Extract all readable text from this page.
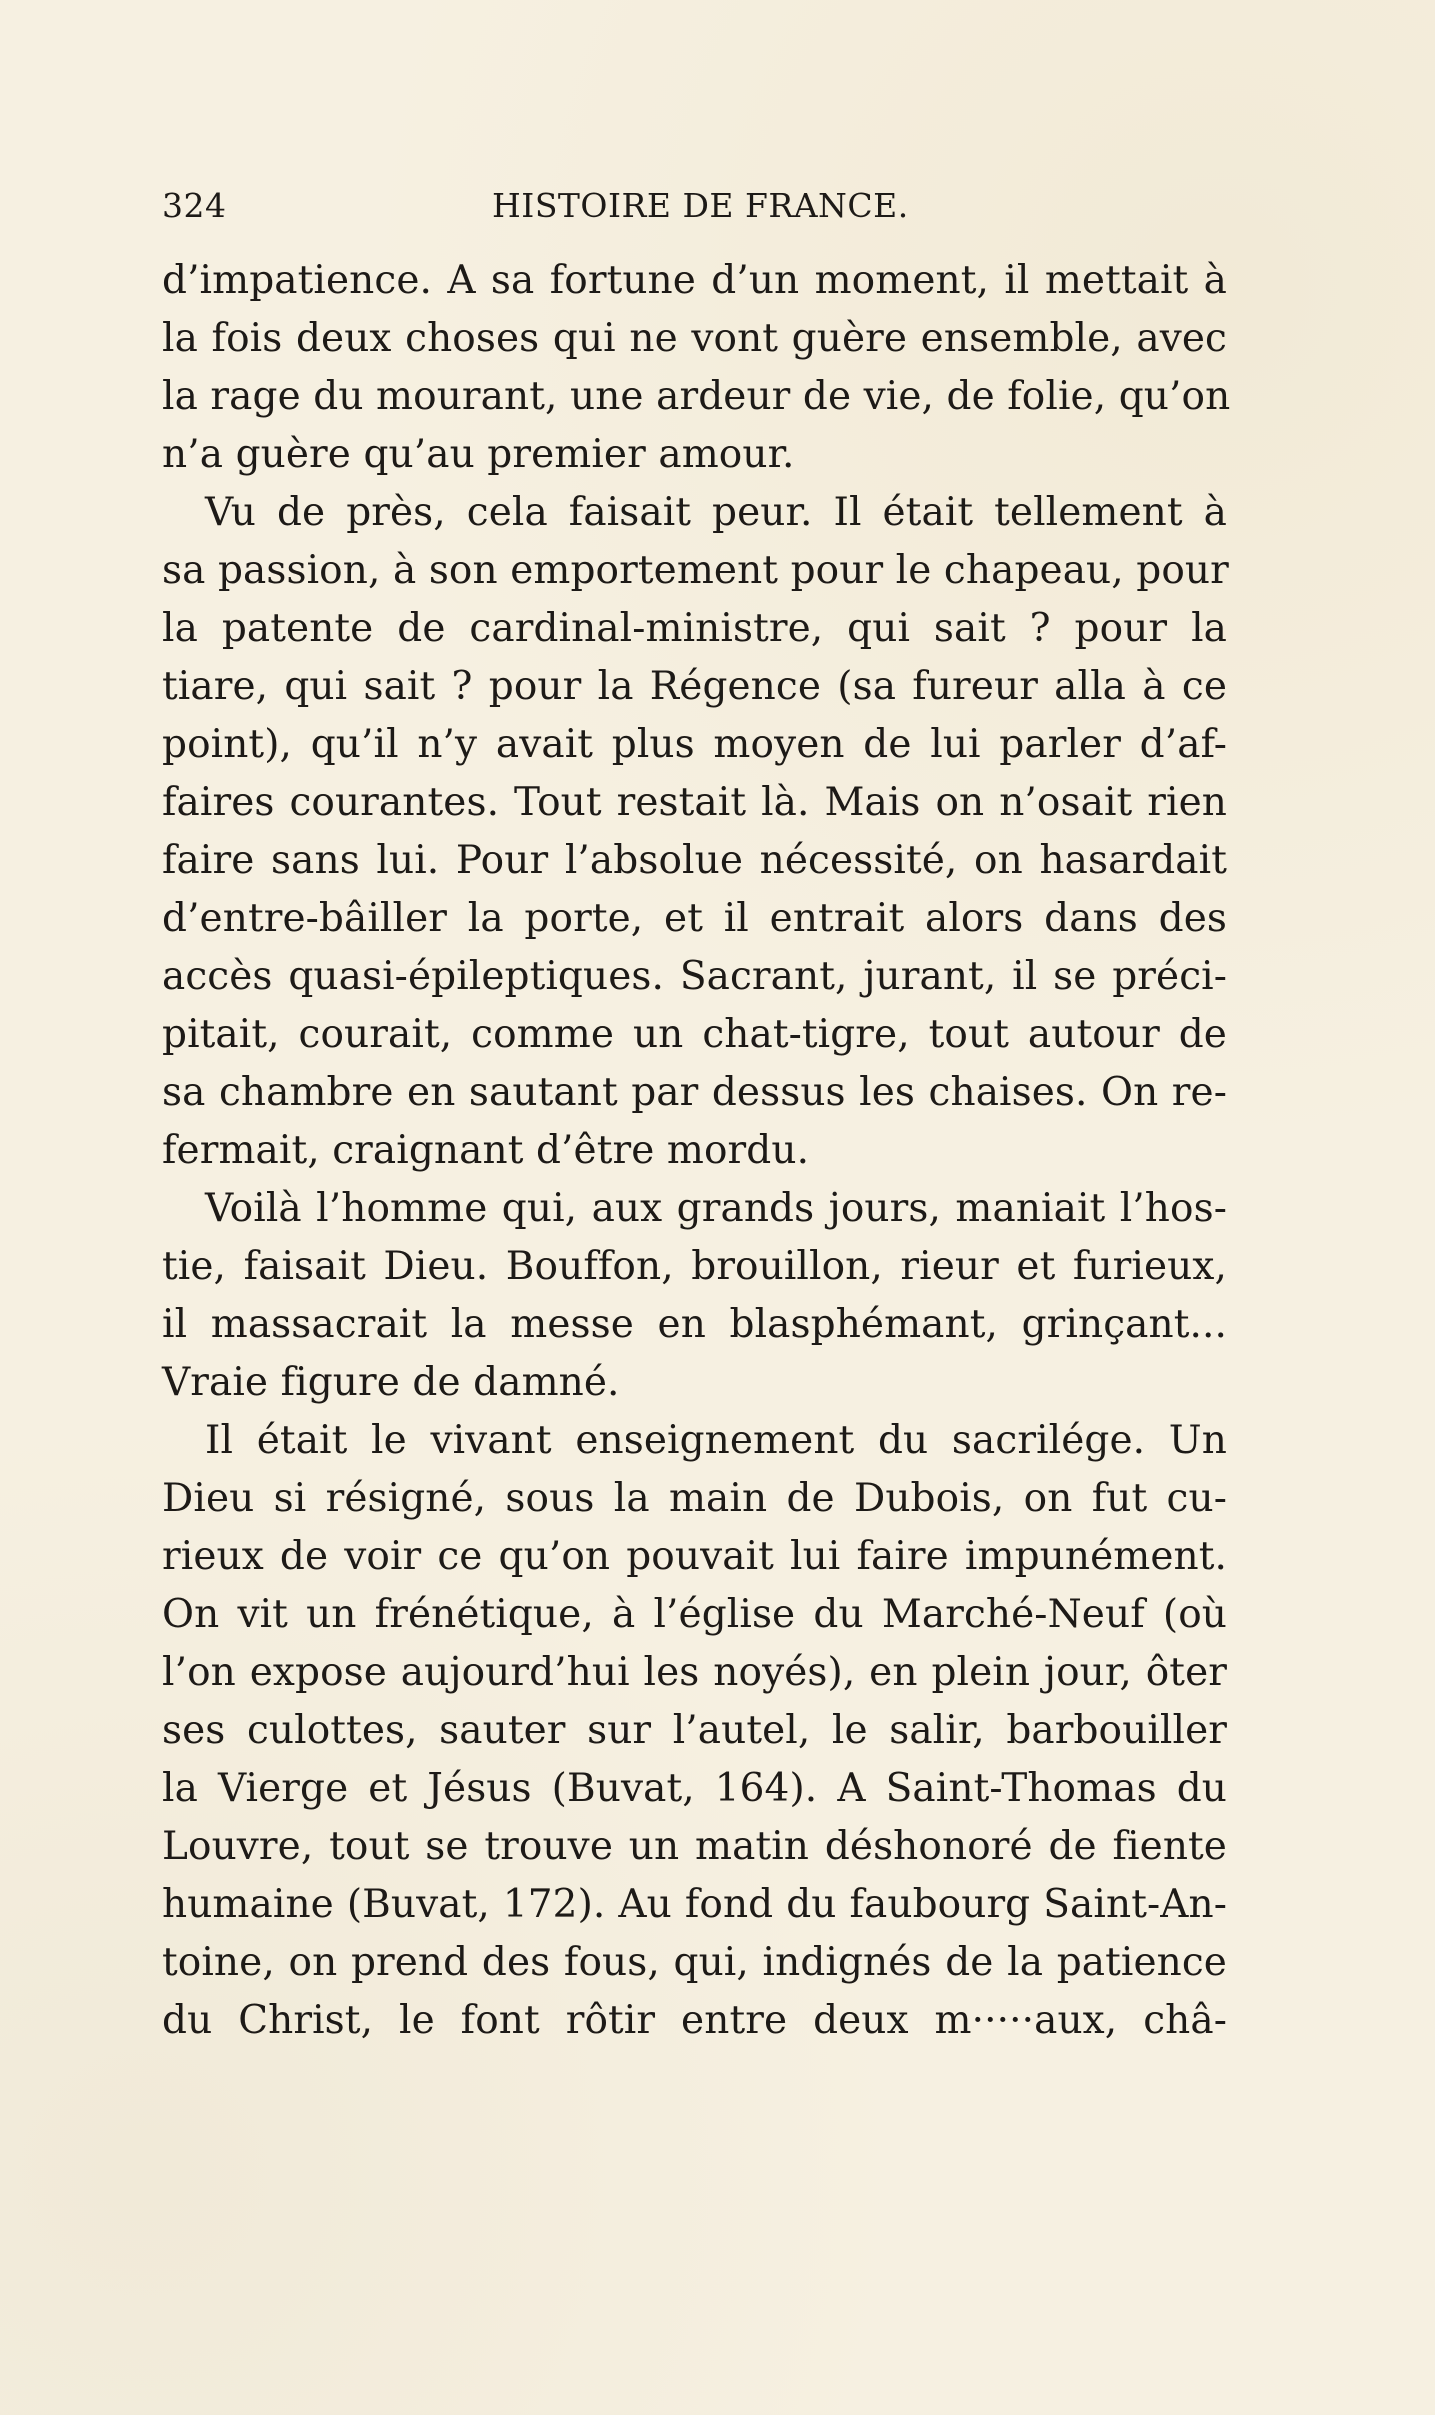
324	HISTOIRE DE FRANCE.
d’impatience. A sa fortune d’un moment, il mettait à
la fois deux choses qui ne vont guère ensemble, avec
la rage du mourant, une ardeur de vie, de folie, qu’on
n’a guère qu’au premier amour.
Vu de près, cela faisait peur. Il était tellement à
sa passion, à son emportement pour le chapeau, pour
la patente de cardinal-ministre, qui sait ? pour la
tiare, qui sait ? pour la Régence (sa fureur alla à ce
point), qu’il n’y avait plus moyen de lui parler d’af-
faires courantes. Tout restait là. Mais on n’osait rien
faire sans lui. Pour l’absolue nécessité, on hasardait
d’entre-bâiller la porte, et il entrait alors dans des
accès quasi-épileptiques. Sacrant, jurant, il se préci-
pitait, courait, comme un chat-tigre, tout autour de
sa chambre en sautant par dessus les chaises. On re-
fermait, craignant d’être mordu.
Voilà l’homme qui, aux grands jours, maniait l’hos-
tie, faisait Dieu. Bouffon, brouillon, rieur et furieux,
il massacrait la messe en blasphémant, grinçant...
Vraie figure de damné.
Il était le vivant enseignement du sacrilége. Un
Dieu si résigné, sous la main de Dubois, on fut cu-
rieux de voir ce qu’on pouvait lui faire impunément.
On vit un frénétique, à l’église du Marché-Neuf (où
l’on expose aujourd’hui les noyés), en plein jour, ôter
ses culottes, sauter sur l’autel, le salir, barbouiller
la Vierge et Jésus (Buvat, 164). A Saint-Thomas du
Louvre, tout se trouve un matin déshonoré de fiente
humaine (Buvat, 172). Au fond du faubourg Saint-An-
toine, on prend des fous, qui, indignés de la patience
du Christ, le font rôtir entre deux m·····aux, châ-
